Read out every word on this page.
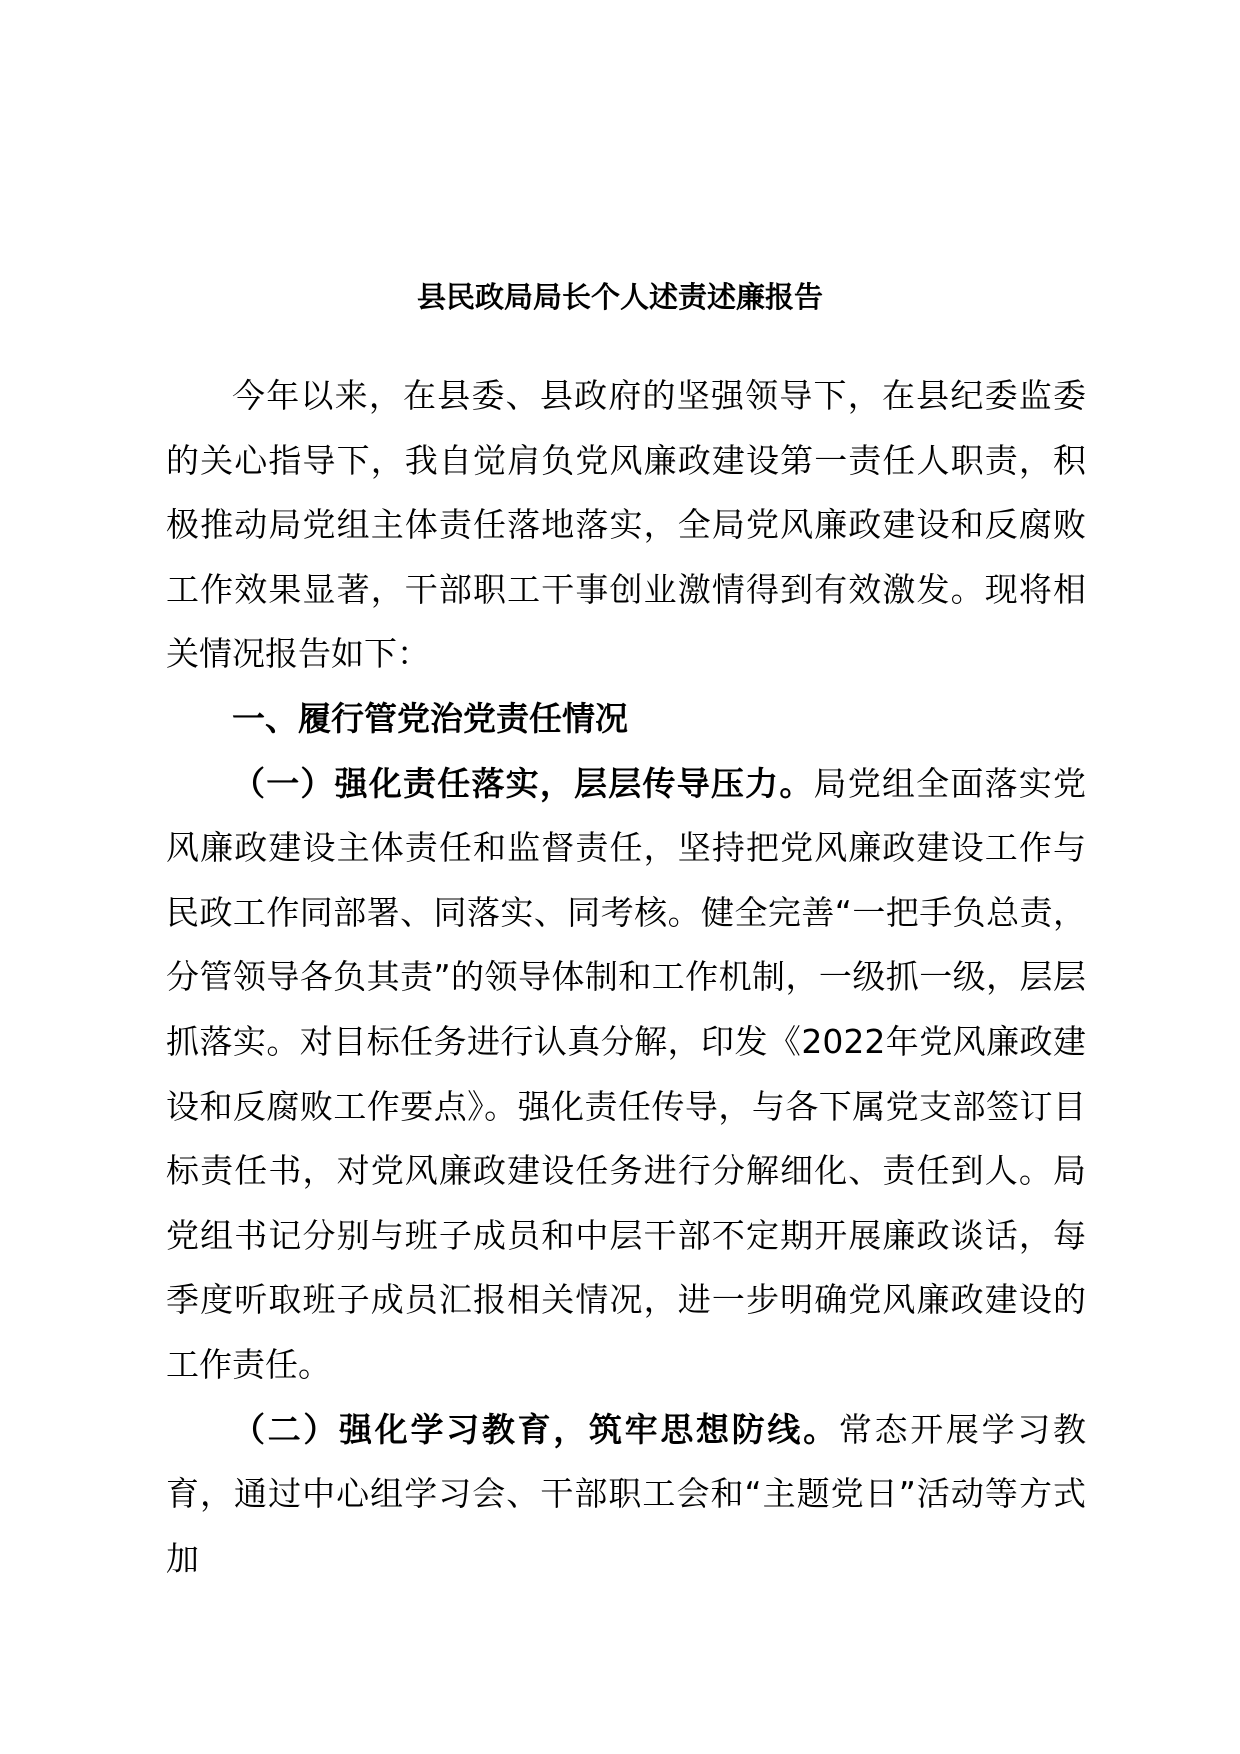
县民政局局长个人述责述廉报告

今年以来，在县委、县政府的坚强领导下，在县纪委监委的关心指导下，我自觉肩负党风廉政建设第一责任人职责，积极推动局党组主体责任落地落实，全局党风廉政建设和反腐败工作效果显著，干部职工干事创业激情得到有效激发。现将相关情况报告如下：

一、履行管党治党责任情况

（一）强化责任落实，层层传导压力。局党组全面落实党风廉政建设主体责任和监督责任，坚持把党风廉政建设工作与民政工作同部署、同落实、同考核。健全完善“一把手负总责，分管领导各负其责”的领导体制和工作机制，一级抓一级，层层抓落实。对目标任务进行认真分解，印发《2022年党风廉政建设和反腐败工作要点》。强化责任传导，与各下属党支部签订目标责任书，对党风廉政建设任务进行分解细化、责任到人。局党组书记分别与班子成员和中层干部不定期开展廉政谈话，每季度听取班子成员汇报相关情况，进一步明确党风廉政建设的工作责任。

（二）强化学习教育，筑牢思想防线。常态开展学习教育，通过中心组学习会、干部职工会和“主题党日”活动等方式加
